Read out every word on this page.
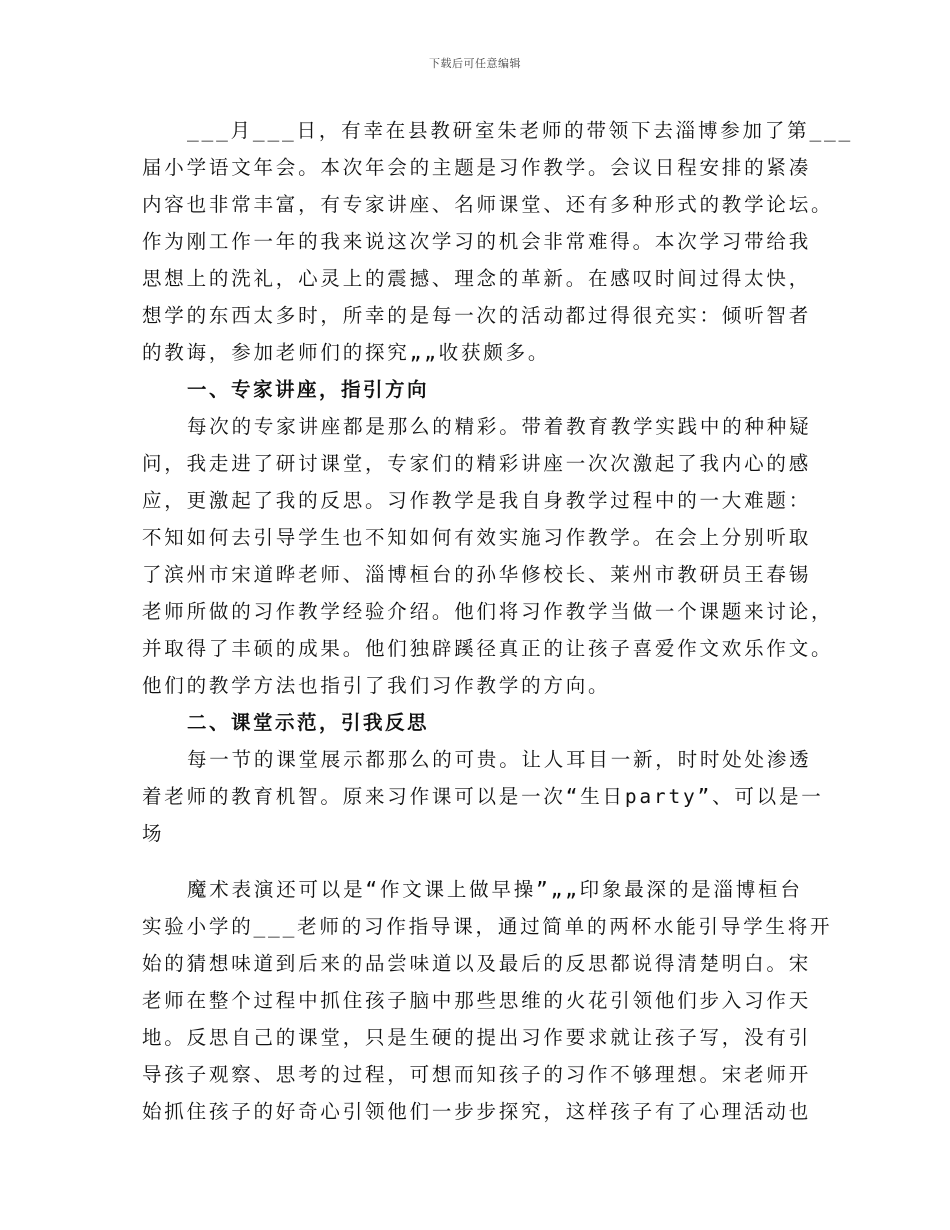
下载后可任意编辑
___月___日，有幸在县教研室朱老师的带领下去淄博参加了第___
届小学语文年会。本次年会的主题是习作教学。会议日程安排的紧凑
内容也非常丰富，有专家讲座、名师课堂、还有多种形式的教学论坛。
作为刚工作一年的我来说这次学习的机会非常难得。本次学习带给我
思想上的洗礼，心灵上的震撼、理念的革新。在感叹时间过得太快，
想学的东西太多时，所幸的是每一次的活动都过得很充实：倾听智者
的教诲，参加老师们的探究„„收获颇多。
一、专家讲座，指引方向
每次的专家讲座都是那么的精彩。带着教育教学实践中的种种疑
问，我走进了研讨课堂，专家们的精彩讲座一次次激起了我内心的感
应，更激起了我的反思。习作教学是我自身教学过程中的一大难题：
不知如何去引导学生也不知如何有效实施习作教学。在会上分别听取
了滨州市宋道晔老师、淄博桓台的孙华修校长、莱州市教研员王春锡
老师所做的习作教学经验介绍。他们将习作教学当做一个课题来讨论，
并取得了丰硕的成果。他们独辟蹊径真正的让孩子喜爱作文欢乐作文。
他们的教学方法也指引了我们习作教学的方向。
二、课堂示范，引我反思
每一节的课堂展示都那么的可贵。让人耳目一新，时时处处渗透
着老师的教育机智。原来习作课可以是一次“生日party”、可以是一
场
魔术表演还可以是“作文课上做早操”„„印象最深的是淄博桓台
实验小学的___老师的习作指导课，通过简单的两杯水能引导学生将开
始的猜想味道到后来的品尝味道以及最后的反思都说得清楚明白。宋
老师在整个过程中抓住孩子脑中那些思维的火花引领他们步入习作天
地。反思自己的课堂，只是生硬的提出习作要求就让孩子写，没有引
导孩子观察、思考的过程，可想而知孩子的习作不够理想。宋老师开
始抓住孩子的好奇心引领他们一步步探究，这样孩子有了心理活动也
